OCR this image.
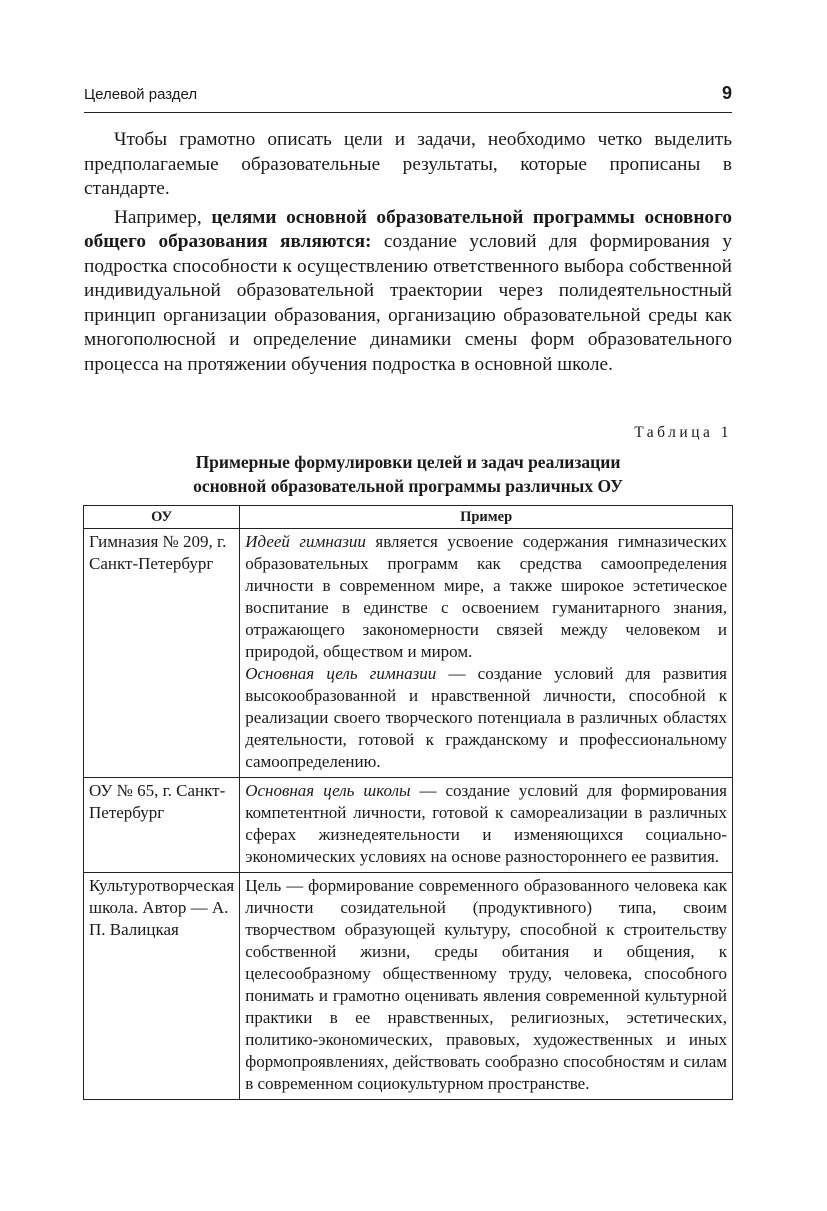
Целевой раздел	9

Чтобы грамотно описать цели и задачи, необходимо четко выделить предполагаемые образовательные результаты, которые прописаны в стандарте.

Например, целями основной образовательной программы основного общего образования являются: создание условий для формирования у подростка способности к осуществлению ответственного выбора собственной индивидуальной образовательной траектории через полидеятельностный принцип организации образования, организацию образовательной среды как многополюсной и определение динамики смены форм образовательного процесса на протяжении обучения подростка в основной школе.

Таблица 1
Примерные формулировки целей и задач реализации
основной образовательной программы различных ОУ
ОУ	Пример
Гимназия № 209, г. Санкт-Петербург	Идеей гимназии является усвоение содержания гимназических образовательных программ как средства самоопределения личности в современном мире, а также широкое эстетическое воспитание в единстве с освоением гуманитарного знания, отражающего закономерности связей между человеком и природой, обществом и миром.

Основная цель гимназии — создание условий для развития высокообразованной и нравственной личности, способной к реализации своего творческого потенциала в различных областях деятельности, готовой к гражданскому и профессиональному самоопределению.

ОУ № 65, г. Санкт-Петербург	Основная цель школы — создание условий для формирования компетентной личности, готовой к самореализации в различных сферах жизнедеятельности и изменяющихся социально-экономических условиях на основе разностороннего ее развития.

Культуротворческая школа. Автор — А. П. Валицкая	Цель — формирование современного образованного человека как личности созидательной (продуктивного) типа, своим творчеством образующей культуру, способной к строительству собственной жизни, среды обитания и общения, к целесообразному общественному труду, человека, способного понимать и грамотно оценивать явления современной культурной практики в ее нравственных, религиозных, эстетических, политико-экономических, правовых, художественных и иных формопроявлениях, действовать сообразно способностям и силам в современном социокультурном пространстве.
